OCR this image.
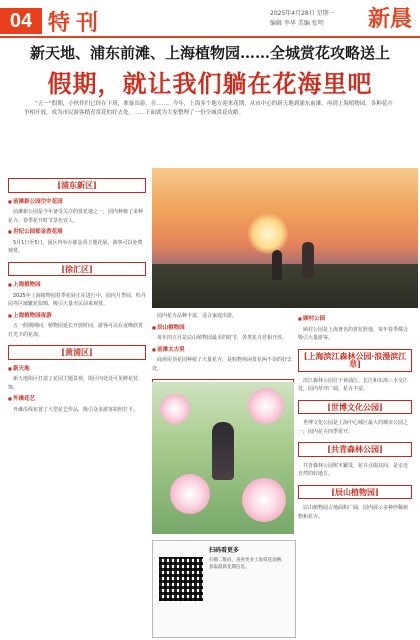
04 特刊	2025年4月28日 星期一
编辑 李华 美编 张明 新晨
新天地、浦东前滩、上海植物园……全城赏花攻略送上
假期，就让我们躺在花海里吧
“五一”假期，小伙伴们已经在下班，准备出游。在……。今年，上海多个地方迎来花期，从市中心的新天地到浦东前滩，再到上海植物园，各种花卉争相开放，成为市民游客踏青赏花的好去处。……下面就为大家整理了一份全城赏花攻略。
[浦东新区]
■ 前滩新公园空中花园

前滩新公园是今年备受关注的赏花地之一，园内种植了多种花卉，春季花开时节景色宜人。

■ 世纪公园郁金香花展

5月1日至5日，园区内举办郁金香主题花展，游客可以免费观赏。

[徐汇区]
■ 上海植物园

2025年上海植物园春季花展正在进行中，园内月季园、牡丹园等区域繁花似锦，吸引大量市民前来观赏。

■ 上海植物园夜游

五一假期期间，植物园延长开放时间，游客可以在夜晚欣赏灯光下的花海。

[黄浦区]
■ 新天地

新天地街区打造了花园主题景观，街区内处处可见鲜花装饰。

■ 外滩花艺

外滩沿线布置了大型花艺作品，吸引众多游客拍照打卡。

园内花卉品种丰富，适合家庭出游。

■ 辰山植物园

每年四五月是辰山植物园最美的时节，各类花卉竞相开放。

■ 前滩太古里

商场屋顶花园种植了大量花卉，是购物休闲赏花两不误的好去处。

■

■ 顾村公园

顾村公园是上海著名的赏花胜地，每年春季都会吸引大量游客。

[上海滨江森林公园·浪漫滨江草]

滨江森林公园位于黄浦江、长江和东海三水交汇处，园内草坪广阔，花卉丰富。

[世博文化公园]

世博文化公园是上海中心城区最大的城市公园之一，园内花卉四季常开。

[共青森林公园]

共青森林公园树木繁茂，花卉点缀其间，是亲近自然的好地方。

[辰山植物园]

辰山植物园占地面积广阔，园内展示多种珍稀植物和花卉。

扫码看更多
扫描二维码，查看更多上海赏花攻略，获取最新花期信息。
